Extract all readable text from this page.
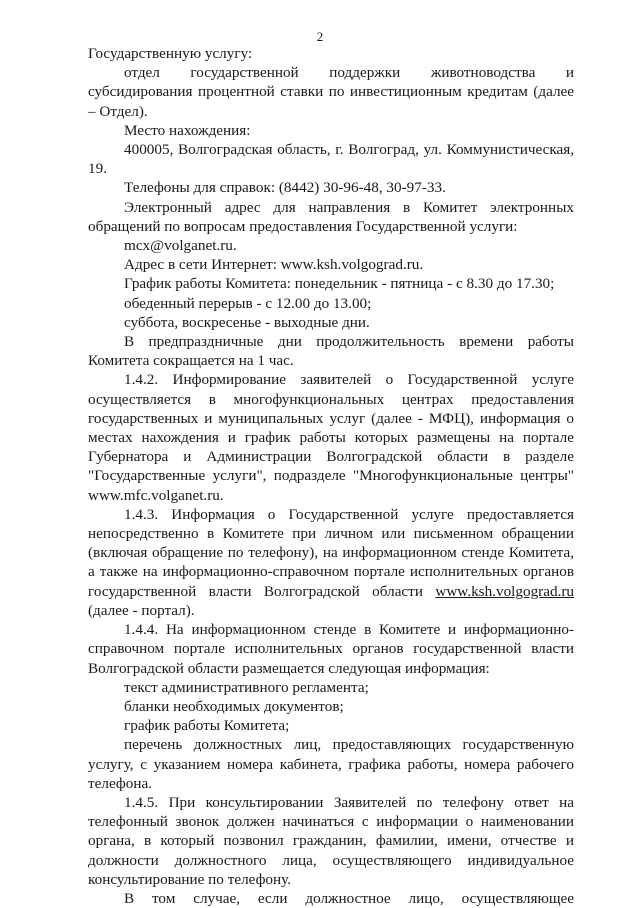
2

Государственную услугу:

отдел государственной поддержки животноводства и субсидирования процентной ставки по инвестиционным кредитам (далее – Отдел).

Место нахождения:

400005, Волгоградская область, г. Волгоград, ул. Коммунистическая, 19.

Телефоны для справок: (8442) 30-96-48, 30-97-33.

Электронный адрес для направления в Комитет электронных обращений по вопросам предоставления Государственной услуги:

mcx@volganet.ru.

Адрес в сети Интернет: www.ksh.volgograd.ru.

График работы Комитета: понедельник - пятница - с 8.30 до 17.30;

обеденный перерыв - с 12.00 до 13.00;

суббота, воскресенье - выходные дни.

В предпраздничные дни продолжительность времени работы Комитета сокращается на 1 час.

1.4.2. Информирование заявителей о Государственной услуге осуществляется в многофункциональных центрах предоставления государственных и муниципальных услуг (далее - МФЦ), информация о местах нахождения и график работы которых размещены на портале Губернатора и Администрации Волгоградской области в разделе "Государственные услуги", подразделе "Многофункциональные центры" www.mfc.volganet.ru.

1.4.3. Информация о Государственной услуге предоставляется непосредственно в Комитете при личном или письменном обращении (включая обращение по телефону), на информационном стенде Комитета, а также на информационно-справочном портале исполнительных органов государственной власти Волгоградской области www.ksh.volgograd.ru (далее - портал).

1.4.4. На информационном стенде в Комитете и информационно-справочном портале исполнительных органов государственной власти Волгоградской области размещается следующая информация:

текст административного регламента;

бланки необходимых документов;

график работы Комитета;

перечень должностных лиц, предоставляющих государственную услугу, с указанием номера кабинета, графика работы, номера рабочего телефона.

1.4.5. При консультировании Заявителей по телефону ответ на телефонный звонок должен начинаться с информации о наименовании органа, в который позвонил гражданин, фамилии, имени, отчестве и должности должностного лица, осуществляющего индивидуальное консультирование по телефону.

В том случае, если должностное лицо, осуществляющее
